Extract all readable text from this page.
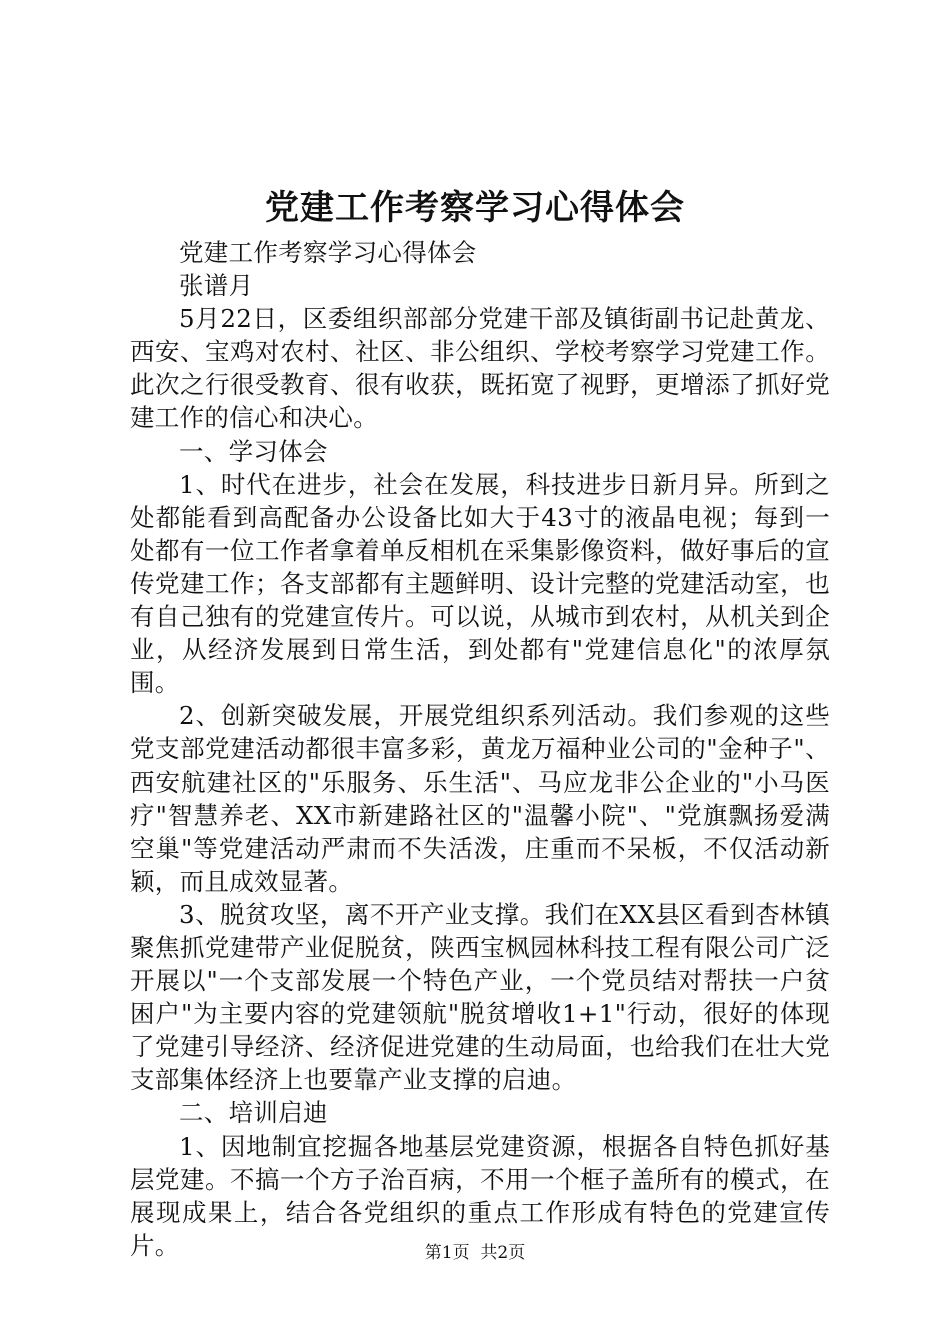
党建工作考察学习心得体会

党建工作考察学习心得体会

张谱月

5月22日，区委组织部部分党建干部及镇街副书记赴黄龙、西安、宝鸡对农村、社区、非公组织、学校考察学习党建工作。此次之行很受教育、很有收获，既拓宽了视野，更增添了抓好党建工作的信心和决心。

一、学习体会

1、时代在进步，社会在发展，科技进步日新月异。所到之处都能看到高配备办公设备比如大于43寸的液晶电视；每到一处都有一位工作者拿着单反相机在采集影像资料，做好事后的宣传党建工作；各支部都有主题鲜明、设计完整的党建活动室，也有自己独有的党建宣传片。可以说，从城市到农村，从机关到企业，从经济发展到日常生活，到处都有"党建信息化"的浓厚氛围。

2、创新突破发展，开展党组织系列活动。我们参观的这些党支部党建活动都很丰富多彩，黄龙万福种业公司的"金种子"、西安航建社区的"乐服务、乐生活"、马应龙非公企业的"小马医疗"智慧养老、XX市新建路社区的"温馨小院"、"党旗飘扬爱满空巢"等党建活动严肃而不失活泼，庄重而不呆板，不仅活动新颖，而且成效显著。

3、脱贫攻坚，离不开产业支撑。我们在XX县区看到杏林镇聚焦抓党建带产业促脱贫，陕西宝枫园林科技工程有限公司广泛开展以"一个支部发展一个特色产业，一个党员结对帮扶一户贫困户"为主要内容的党建领航"脱贫增收1+1"行动，很好的体现了党建引导经济、经济促进党建的生动局面，也给我们在壮大党支部集体经济上也要靠产业支撑的启迪。

二、培训启迪

1、因地制宜挖掘各地基层党建资源，根据各自特色抓好基层党建。不搞一个方子治百病，不用一个框子盖所有的模式，在展现成果上，结合各党组织的重点工作形成有特色的党建宣传片。	第1页 共2页
